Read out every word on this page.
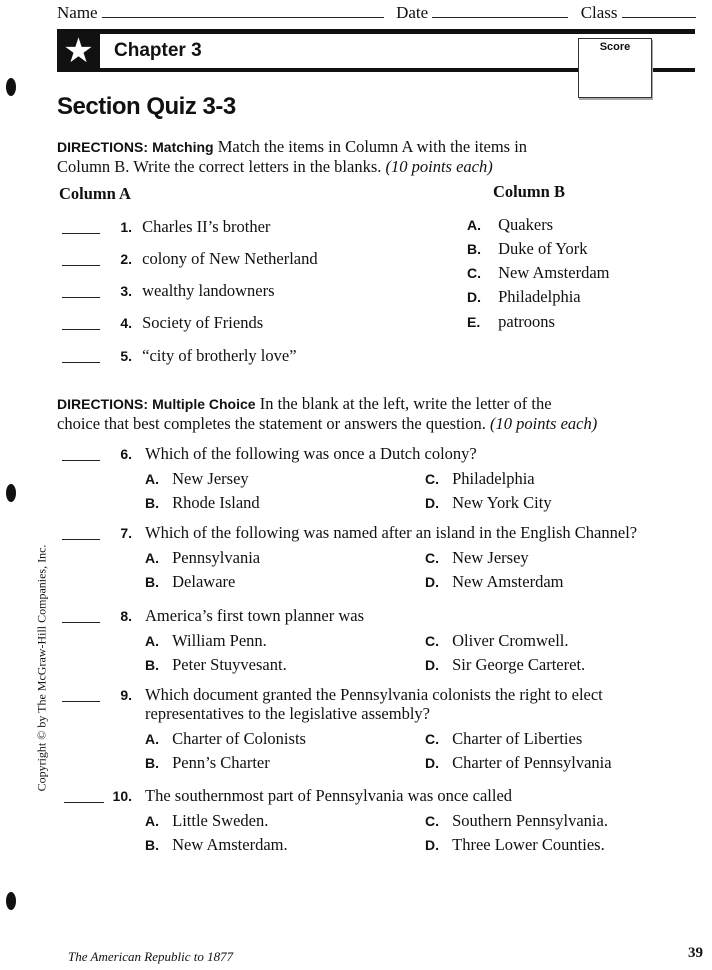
Name	Date	Class
★	Chapter 3	Score
Section Quiz 3-3
DIRECTIONS: Matching Match the items in Column A with the items in
Column B. Write the correct letters in the blanks. (10 points each)
Column A	Column B
1. Charles II’s brother
2. colony of New Netherland
3. wealthy landowners
4. Society of Friends
5. “city of brotherly love”
A. Quakers
B. Duke of York
C. New Amsterdam
D. Philadelphia
E. patroons
DIRECTIONS: Multiple Choice In the blank at the left, write the letter of the
choice that best completes the statement or answers the question. (10 points each)
6. Which of the following was once a Dutch colony?
A. New Jersey
B. Rhode Island
C. Philadelphia
D. New York City
7. Which of the following was named after an island in the English Channel?
A. Pennsylvania
B. Delaware
C. New Jersey
D. New Amsterdam
8. America’s first town planner was
A. William Penn.
B. Peter Stuyvesant.
C. Oliver Cromwell.
D. Sir George Carteret.
9. Which document granted the Pennsylvania colonists the right to elect
representatives to the legislative assembly?
A. Charter of Colonists
B. Penn’s Charter
C. Charter of Liberties
D. Charter of Pennsylvania
10. The southernmost part of Pennsylvania was once called
A. Little Sweden.
B. New Amsterdam.
C. Southern Pennsylvania.
D. Three Lower Counties.
Copyright © by The McGraw-Hill Companies, Inc.
The American Republic to 1877	39
